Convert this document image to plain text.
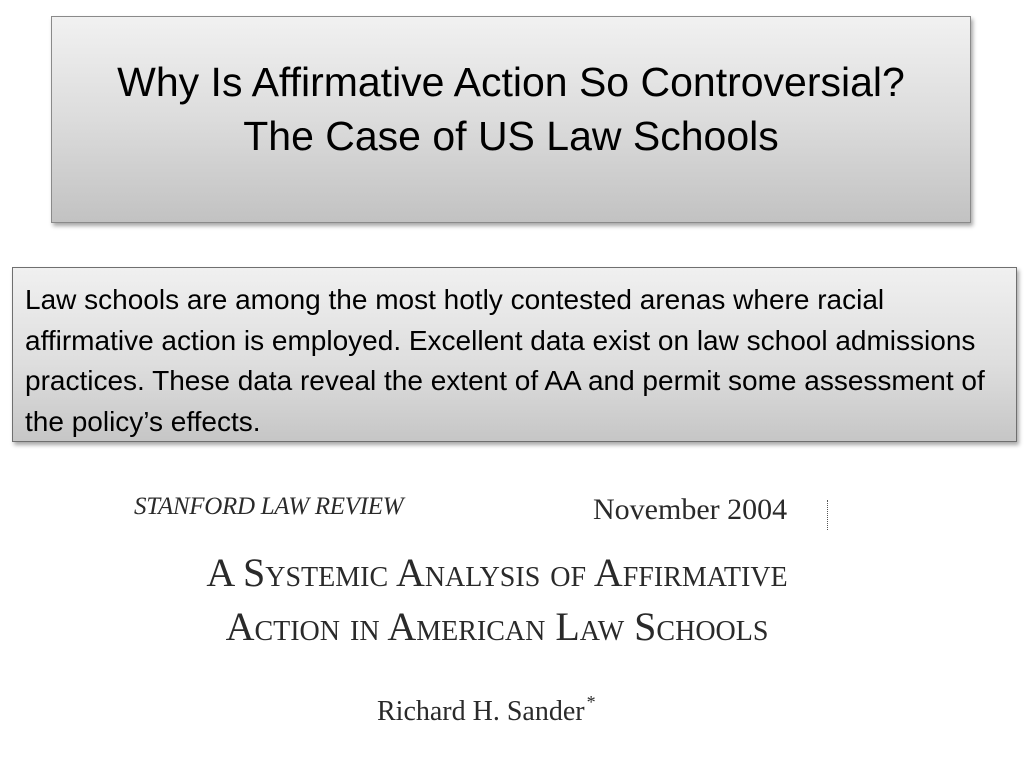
Why Is Affirmative Action So Controversial?
The Case of US Law Schools

Law schools are among the most hotly contested arenas where racial affirmative action is employed. Excellent data exist on law school admissions practices. These data reveal the extent of AA and permit some assessment of the policy’s effects.

STANFORD LAW REVIEW	November 2004
A Systemic Analysis of Affirmative
Action in American Law Schools
Richard H. Sander *
